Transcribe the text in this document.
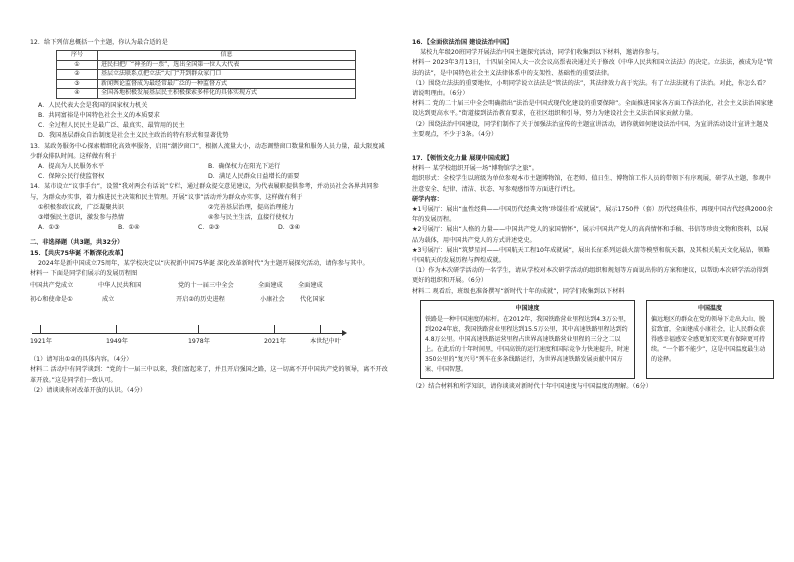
12．给下列信息概括一个主题，你认为最合适的是

序号	信息
①	进民扫把厂“神圣的一票”，选出全国第一位人大代表
②	基层立法联系点把立法“大门”开到群众家门口
③	新闻舆论监督成为最经常最广泛的一种监督方式
④	全国各地积极发展基层民主积极探索多样化的具体实现方式

A．人民代表大会是我国的国家权力机关

B．共同富裕是中国特色社会主义的本质要求

C．全过程人民民主是最广泛、最真实、最管用的民主

D．我国基层群众自治制度是社会主义民主政治的特有形式和显著优势

13．某政务服务中心探索精细化高效率服务，启用“潮汐窗口”，根据人流量大小，动态调整窗口数量和服务人员力量，最大限度减少群众排队时间。这样做有利于

A．提高为人民服务水平	B．确保权力在阳光下运行
C．保障公民行使监督权	D．满足人民群众日益增长的需要

14．某市设立“议事手台”，设置“我对两会有话说”专栏，通过群众提交意见建议，为代表履职提供参考，并动员社会各界共同参与，为群众办实事，着力推进民主决策和民主管理。开展“议事”活动并为群众办实事，这样做有利于

①积极参政议政，广泛凝聚共识	②完善基层治理，提高治理能力
③增强民主意识，激发参与热情	④参与民主生活，直接行使权力
A．①③	B．①④	C．②③	D．③④

二、非选择题（共3题，共32分）

15．【共庆75华诞 不断深化改革】

2024年是新中国成立75周年，某学校决定以“庆祝新中国75华诞 深化改革新时代”为主题开展探究活动，请你参与其中。

材料一 下面是同学们展示的发展历程图

中国共产党成立	中华人民共和国	党的十一届三中全会	全面建成 全面建成
初心和使命是①	成立	开启②的历史进程	小康社会 代化国家
1921年	1949年	1978年	2021年	本世纪中叶

（1）请写出①②的具体内容。（4分）

材料二 活动中有同学谈到：“党的十一届三中以来，我们富起来了，并且开启强国之路，这一切离不开中国共产党的领导，离不开改革开放。”这是同学们一致认可。

（2）请谈谈你对改革开放的认识。（4分）

16．【全面依法治国 建设法治中国】

某校九年级20班同学开展法治中国主题探究活动，同学们收集到以下材料，邀请你参与。

材料一 2023年3月13日，十四届全国人大一次会议高票表决通过关于修改《中华人民共和国立法法》的决定。立法法，被成为是“管法的法”，是中国特色社会主义法律体系中的支架性、基础性的重要法律。

（1）围绕立法法的重要地位，小明同学说立法法是“管法的法”，其法律效力高于宪法。有了立法法就有了法治。对此，你怎么看？请说明理由。（6分）

材料二 党的二十届三中全会明确指出“法治是中国式现代化建设的重要保障”。全面推进国家各方面工作法治化，社会主义法治国家建设达到更高水平。”街道接到法治教育要求，在社区组织和引导，努力为建设社会主义法治国家贡献力量。

（2）围绕法治中国建设，同学们制作了关于加强法治宣传的主题宣讲活动，请你就如何建设法治中国，为宣讲活动设计宣讲主题及主要观点，不少于3条。（4分）

17．【领悟文化力量 展现中国成就】

材料一 某学校组织开展一场“博物馆学之旅”。

组织形式：全校学生以班级为单位参观本市主题博物馆，在老师、值日生、博物馆工作人员的带领下有序观展，研学从主题，参观中注意安全、纪律、清洁、状态、写参观感悟等方面进行评比。

研学内容：

★1号展厅：展出“血性经典——中国历代经典文物‘珍馐佳肴’成就展”，展示1750件（套）历代经典佳作，再现中国古代经典2000余年的发展历程。

★2号展厅：展出“人格的力量——中国共产党人的家国情怀”，展示中国共产党人的高尚情怀和手稿、书信等珍贵文物和资料，以展品为载体，用中国共产党人的方式讲述党史。

★3号展厅：展出“筑梦星河——中国航天工程10年成就展”，展出长征系列运载火箭等模型和航天器，及其相关航天文化展品，领略中国航天的发展历程与辉煌成就。

（1）作为本次研学活动的一名学生，请从学校对本次研学活动的组织和规划等方面说出你的方案和建议，以帮助本次研学活动得到更好的组织和开展。（6分）

材料二 观看后，班级也准备撰写“新时代十年的成就”，同学们收集到以下材料

中国速度
铁路是一种中国速度的标杆。在2012年，我国铁路营业里程达到4.3万公里，到2024年底，我国铁路营业里程达到15.5万公里，其中高速铁路里程达到约4.8万公里。中国高速铁路运营里程占世界高速铁路营业里程的三分之二以上。在此后的十年时间里，中国高铁的运行速度和国际竞争力快速提升，时速350公里的“复兴号”列车在多条线路运行，为世界高速铁路发展贡献中国方案、中国智慧。
中国温度
偏远地区的群众在党的领导下走出大山、脱贫致富，全面建成小康社会，让人民群众获得感幸福感安全感更加充实更有保障更可持续。“一个都不能少”，这是中国温度最生动的诠释。

（2）结合材料和所学知识，请你谈谈对新时代十年中国速度与中国温度的理解。（6分）
